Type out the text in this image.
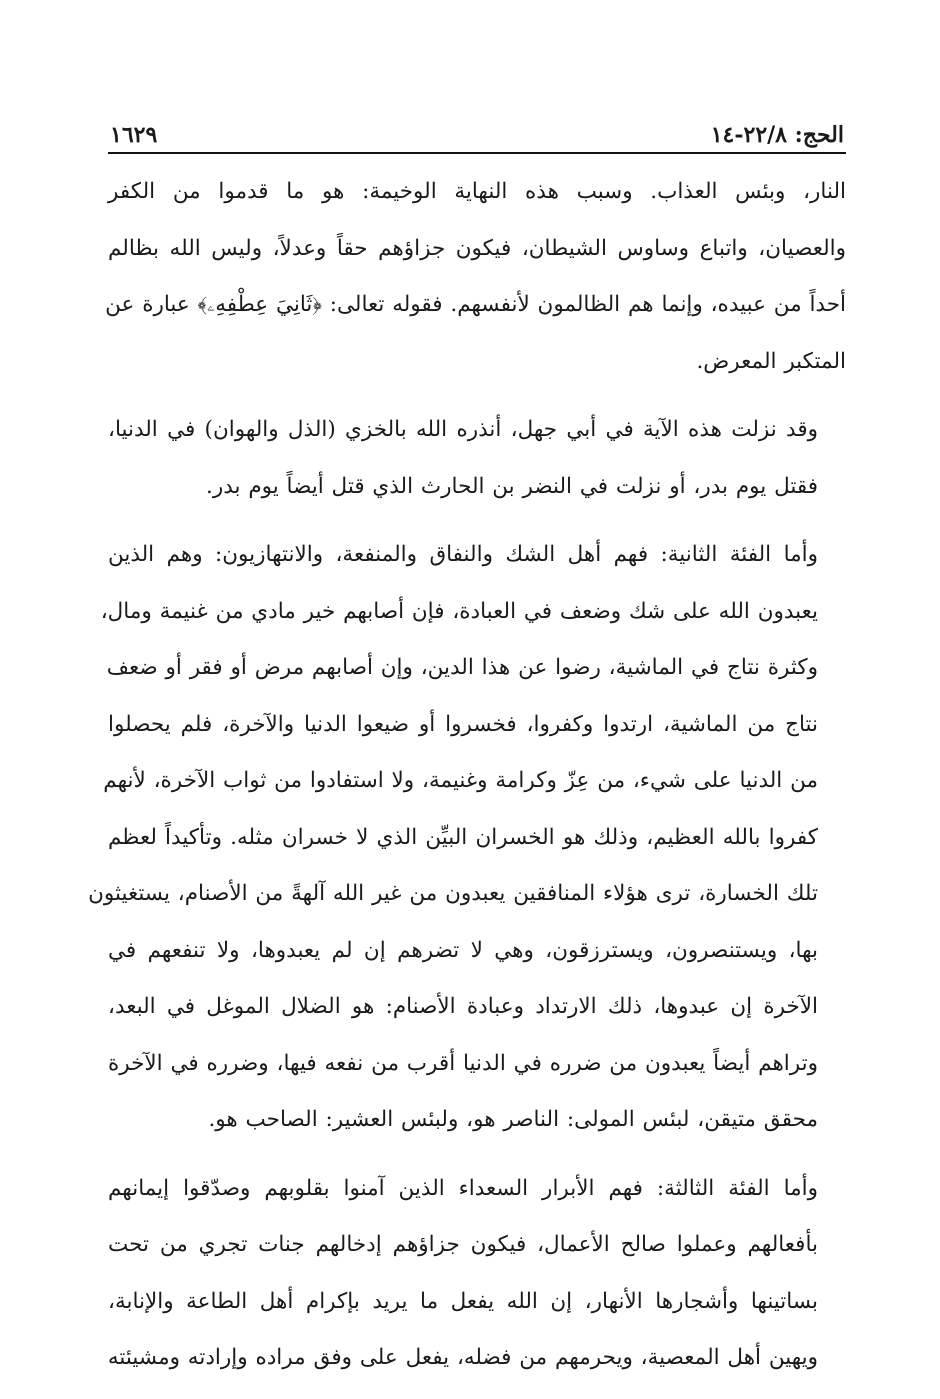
الحج: ٢٢/٨-١٤
١٦٢٩

النار، وبئس العذاب. وسبب هذه النهاية الوخيمة: هو ما قدموا من الكفر
والعصيان، واتباع وساوس الشيطان، فيكون جزاؤهم حقاً وعدلاً، وليس الله بظالم
أحداً من عبيده، وإنما هم الظالمون لأنفسهم. فقوله تعالى: ﴿ثَانِيَ عِطْفِهِۦ﴾ عبارة عن
المتكبر المعرض.

وقد نزلت هذه الآية في أبي جهل، أنذره الله بالخزي (الذل والهوان) في الدنيا،
فقتل يوم بدر، أو نزلت في النضر بن الحارث الذي قتل أيضاً يوم بدر.

وأما الفئة الثانية: فهم أهل الشك والنفاق والمنفعة، والانتهازيون: وهم الذين
يعبدون الله على شك وضعف في العبادة، فإن أصابهم خير مادي من غنيمة ومال،
وكثرة نتاج في الماشية، رضوا عن هذا الدين، وإن أصابهم مرض أو فقر أو ضعف
نتاج من الماشية، ارتدوا وكفروا، فخسروا أو ضيعوا الدنيا والآخرة، فلم يحصلوا
من الدنيا على شيء، من عِزّ وكرامة وغنيمة، ولا استفادوا من ثواب الآخرة، لأنهم
كفروا بالله العظيم، وذلك هو الخسران البيِّن الذي لا خسران مثله. وتأكيداً لعظم
تلك الخسارة، ترى هؤلاء المنافقين يعبدون من غير الله آلهةً من الأصنام، يستغيثون
بها، ويستنصرون، ويسترزقون، وهي لا تضرهم إن لم يعبدوها، ولا تنفعهم في
الآخرة إن عبدوها، ذلك الارتداد وعبادة الأصنام: هو الضلال الموغل في البعد،
وتراهم أيضاً يعبدون من ضرره في الدنيا أقرب من نفعه فيها، وضرره في الآخرة
محقق متيقن، لبئس المولى: الناصر هو، ولبئس العشير: الصاحب هو.

وأما الفئة الثالثة: فهم الأبرار السعداء الذين آمنوا بقلوبهم وصدّقوا إيمانهم
بأفعالهم وعملوا صالح الأعمال، فيكون جزاؤهم إدخالهم جنات تجري من تحت
بساتينها وأشجارها الأنهار، إن الله يفعل ما يريد بإكرام أهل الطاعة والإنابة،
ويهين أهل المعصية، ويحرمهم من فضله، يفعل على وفق مراده وإرادته ومشيئته
